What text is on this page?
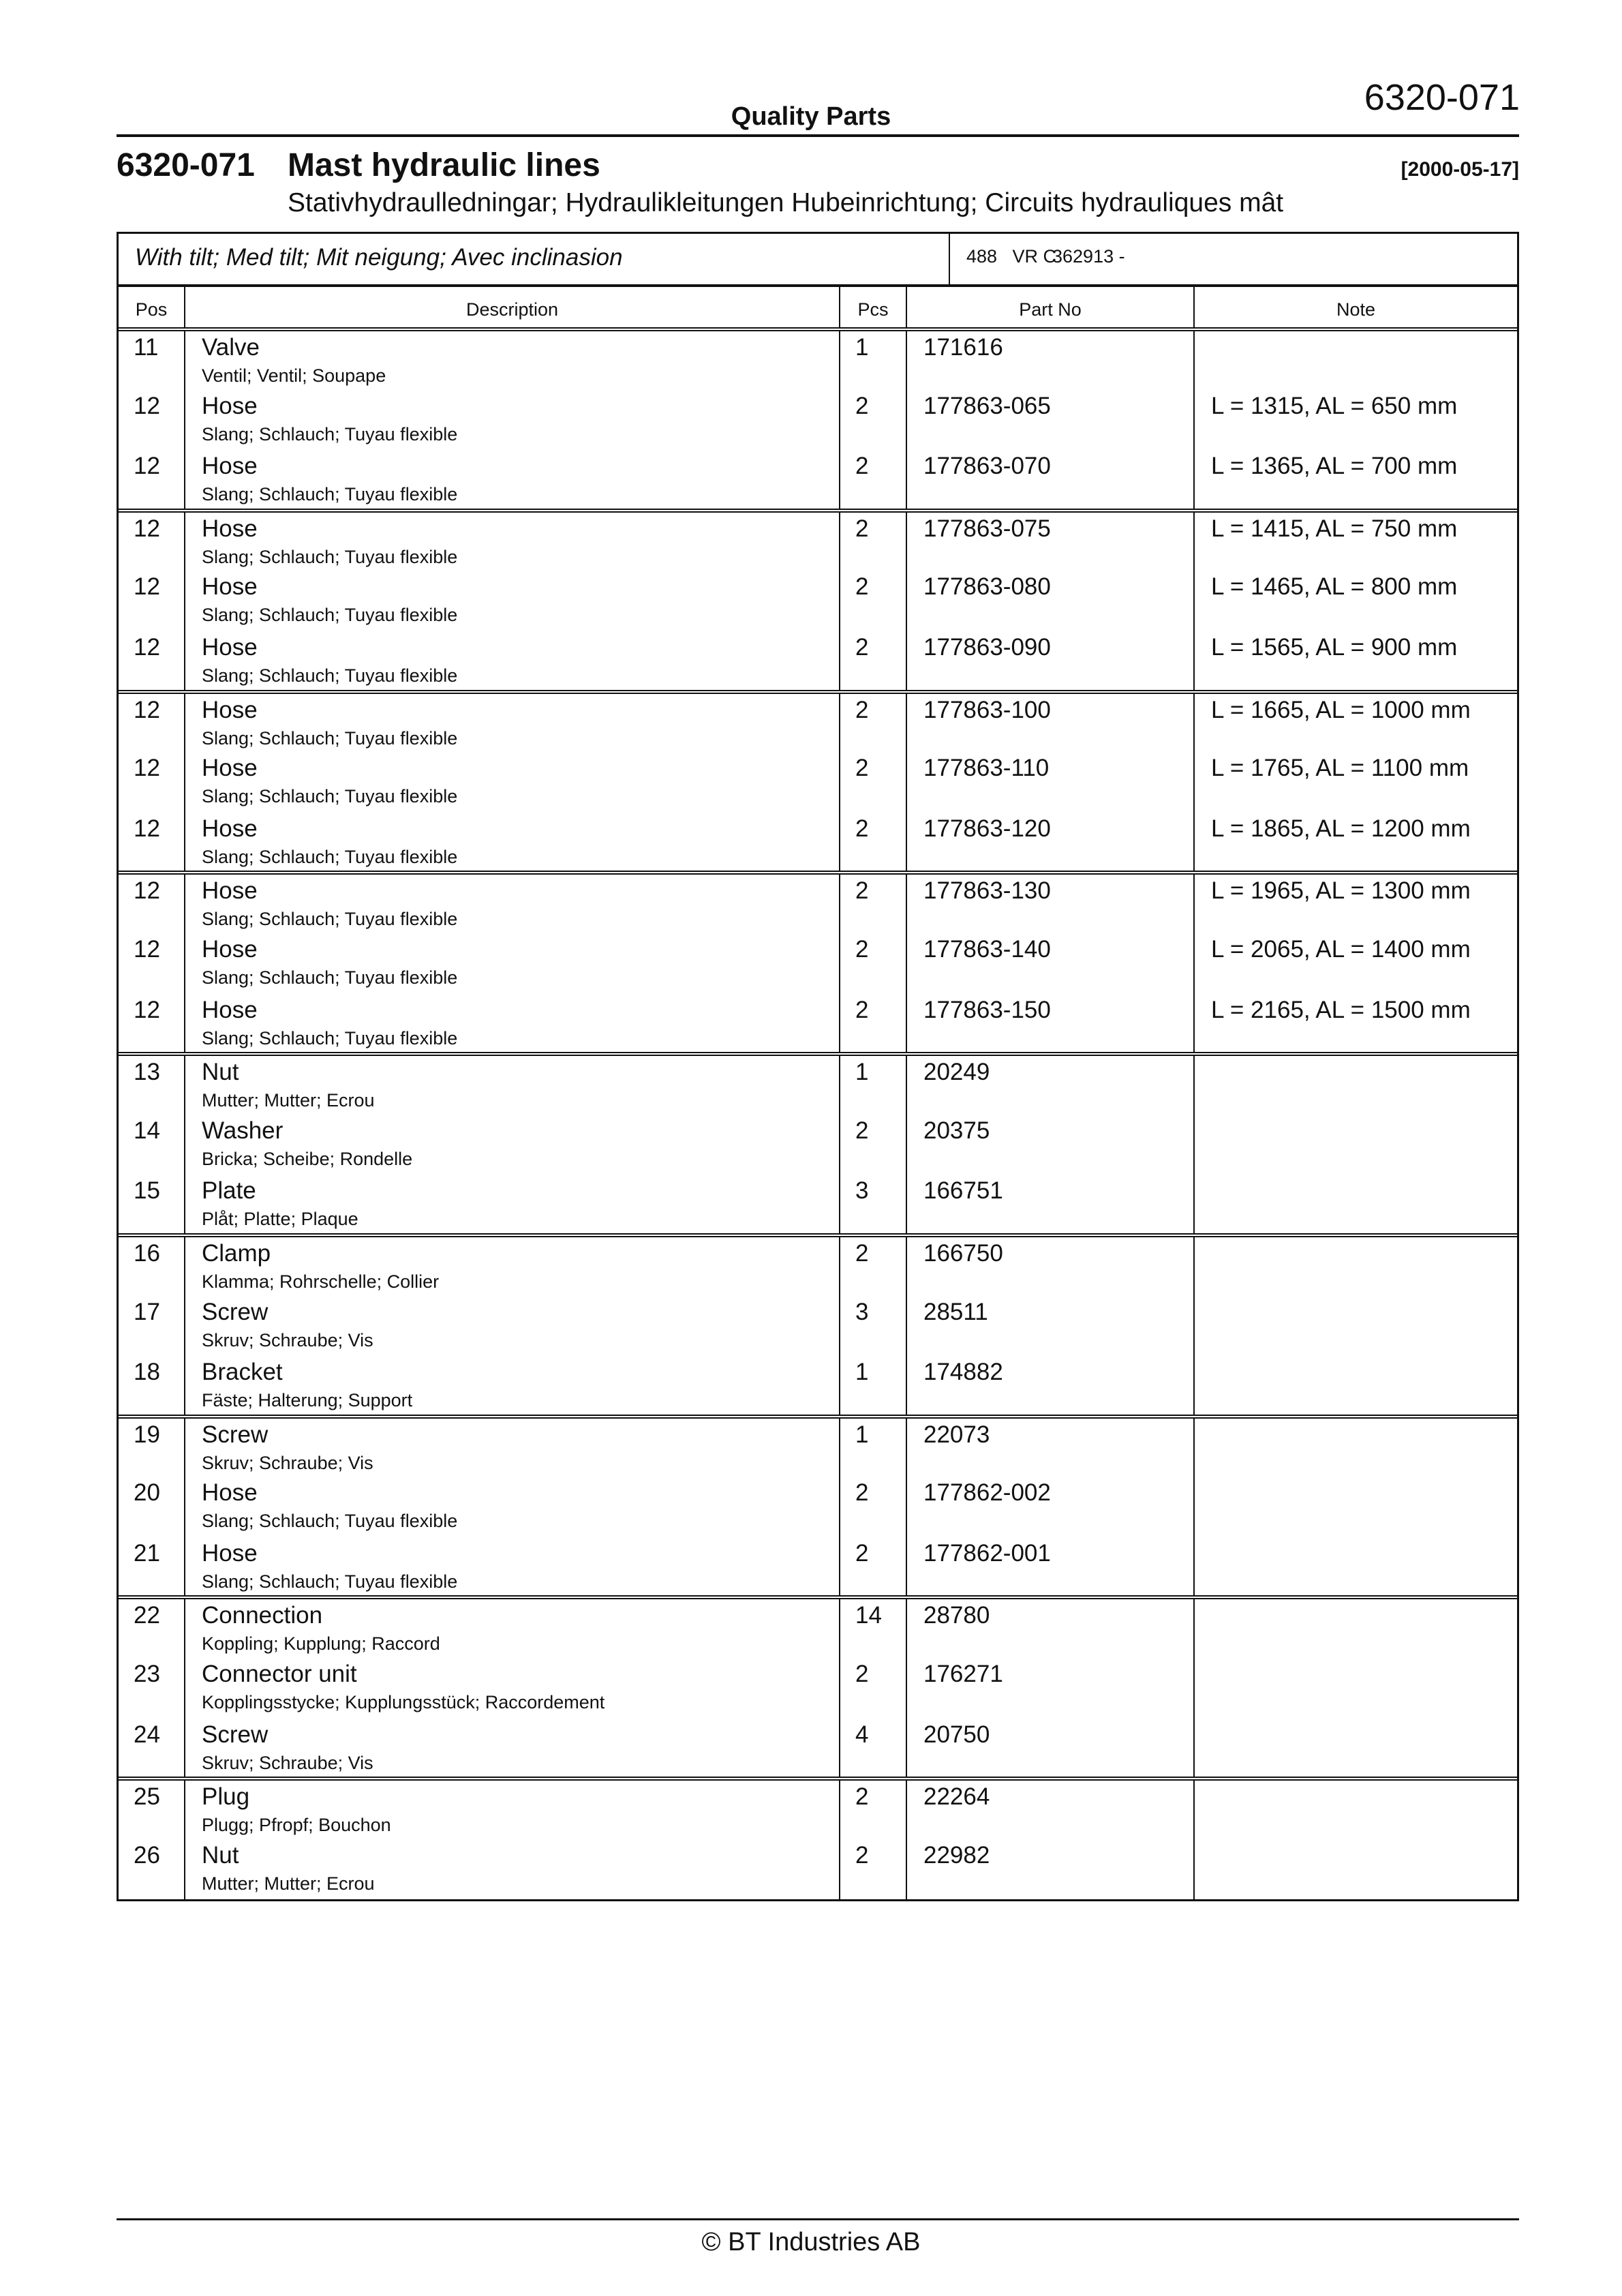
6320-071
Quality Parts
6320-071 Mast hydraulic lines	[2000-05-17]
Stativhydraulledningar; Hydraulikleitungen Hubeinrichtung; Circuits hydrauliques mât
With tilt; Med tilt; Mit neigung; Avec inclinasion	488   VR C
362913 -
Pos	Description	Pcs	Part No	Note

11	Valve
Ventil; Ventil; Soupape	1	171616	

12	Hose
Slang; Schlauch; Tuyau flexible	2	177863-065	L = 1315, AL = 650 mm

12	Hose
Slang; Schlauch; Tuyau flexible	2	177863-070	L = 1365, AL = 700 mm

12	Hose
Slang; Schlauch; Tuyau flexible	2	177863-075	L = 1415, AL = 750 mm

12	Hose
Slang; Schlauch; Tuyau flexible	2	177863-080	L = 1465, AL = 800 mm

12	Hose
Slang; Schlauch; Tuyau flexible	2	177863-090	L = 1565, AL = 900 mm

12	Hose
Slang; Schlauch; Tuyau flexible	2	177863-100	L = 1665, AL = 1000 mm

12	Hose
Slang; Schlauch; Tuyau flexible	2	177863-110	L = 1765, AL = 1100 mm

12	Hose
Slang; Schlauch; Tuyau flexible	2	177863-120	L = 1865, AL = 1200 mm

12	Hose
Slang; Schlauch; Tuyau flexible	2	177863-130	L = 1965, AL = 1300 mm

12	Hose
Slang; Schlauch; Tuyau flexible	2	177863-140	L = 2065, AL = 1400 mm

12	Hose
Slang; Schlauch; Tuyau flexible	2	177863-150	L = 2165, AL = 1500 mm

13	Nut
Mutter; Mutter; Ecrou	1	20249	

14	Washer
Bricka; Scheibe; Rondelle	2	20375	

15	Plate
Plåt; Platte; Plaque	3	166751	

16	Clamp
Klamma; Rohrschelle; Collier	2	166750	

17	Screw
Skruv; Schraube; Vis	3	28511	

18	Bracket
Fäste; Halterung; Support	1	174882	

19	Screw
Skruv; Schraube; Vis	1	22073	

20	Hose
Slang; Schlauch; Tuyau flexible	2	177862-002	

21	Hose
Slang; Schlauch; Tuyau flexible	2	177862-001	

22	Connection
Koppling; Kupplung; Raccord	14	28780	

23	Connector unit
Kopplingsstycke; Kupplungsstück; Raccordement	2	176271	

24	Screw
Skruv; Schraube; Vis	4	20750	

25	Plug
Plugg; Pfropf; Bouchon	2	22264	

26	Nut
Mutter; Mutter; Ecrou	2	22982	

© BT Industries AB
